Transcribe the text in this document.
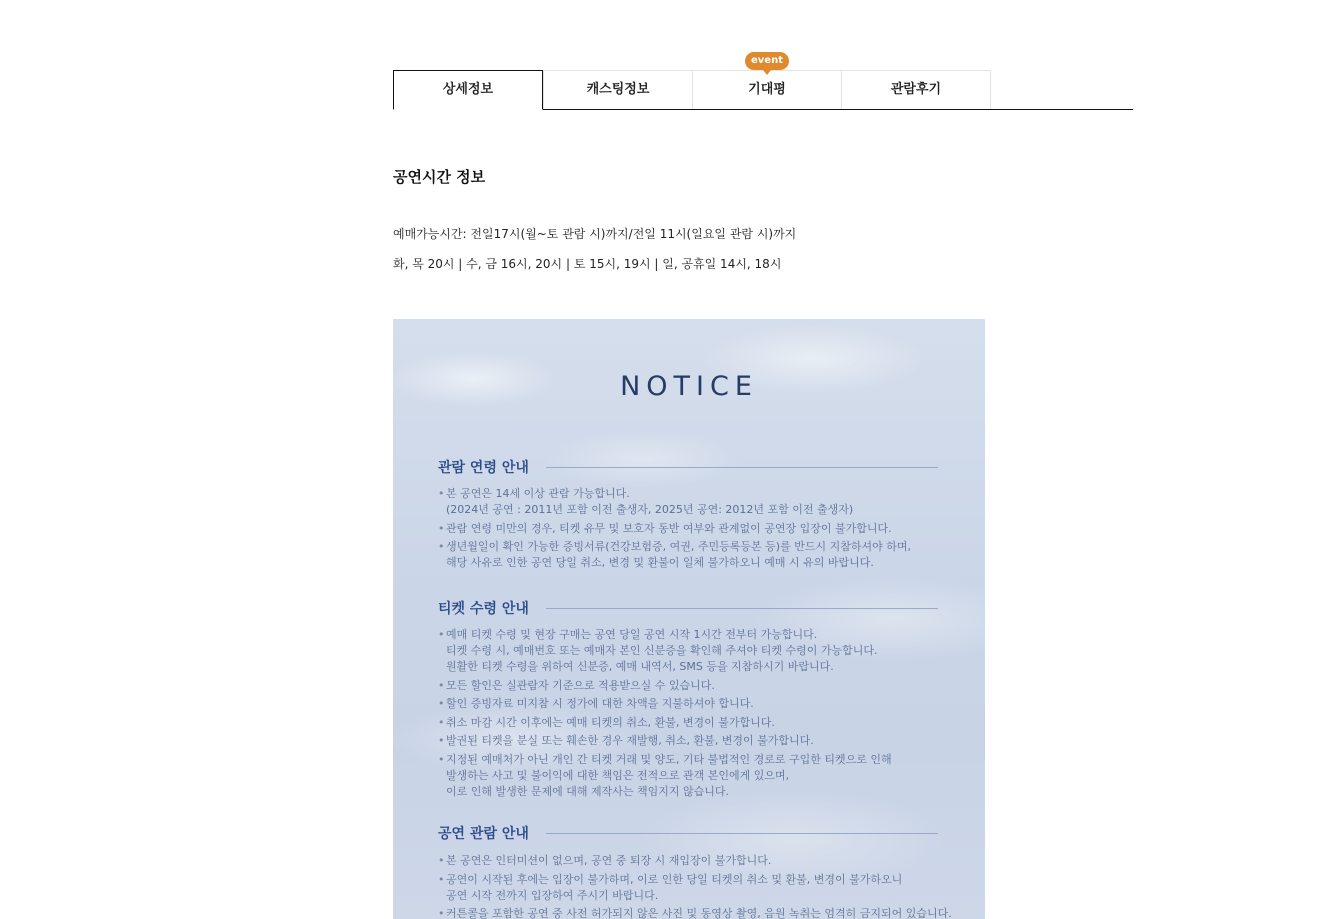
event
상세정보	캐스팅정보	기대평	관람후기
공연시간 정보
예매가능시간: 전일17시(월~토 관람 시)까지/전일 11시(일요일 관람 시)까지
화, 목 20시 | 수, 금 16시, 20시 | 토 15시, 19시 | 일, 공휴일 14시, 18시
NOTICE
관람 연령 안내
• 본 공연은 14세 이상 관람 가능합니다.
(2024년 공연 : 2011년 포함 이전 출생자, 2025년 공연: 2012년 포함 이전 출생자)
• 관람 연령 미만의 경우, 티켓 유무 및 보호자 동반 여부와 관계없이 공연장 입장이 불가합니다.
• 생년월일이 확인 가능한 증빙서류(건강보험증, 여권, 주민등록등본 등)를 반드시 지참하셔야 하며,
해당 사유로 인한 공연 당일 취소, 변경 및 환불이 일체 불가하오니 예매 시 유의 바랍니다.
티켓 수령 안내
• 예매 티켓 수령 및 현장 구매는 공연 당일 공연 시작 1시간 전부터 가능합니다.
티켓 수령 시, 예매번호 또는 예매자 본인 신분증을 확인해 주셔야 티켓 수령이 가능합니다.
원활한 티켓 수령을 위하여 신분증, 예매 내역서, SMS 등을 지참하시기 바랍니다.
• 모든 할인은 실관람자 기준으로 적용받으실 수 있습니다.
• 할인 증빙자료 미지참 시 정가에 대한 차액을 지불하셔야 합니다.
• 취소 마감 시간 이후에는 예매 티켓의 취소, 환불, 변경이 불가합니다.
• 발권된 티켓을 분실 또는 훼손한 경우 재발행, 취소, 환불, 변경이 불가합니다.
• 지정된 예매처가 아닌 개인 간 티켓 거래 및 양도, 기타 불법적인 경로로 구입한 티켓으로 인해
발생하는 사고 및 불이익에 대한 책임은 전적으로 관객 본인에게 있으며,
이로 인해 발생한 문제에 대해 제작사는 책임지지 않습니다.
공연 관람 안내
• 본 공연은 인터미션이 없으며, 공연 중 퇴장 시 재입장이 불가합니다.
• 공연이 시작된 후에는 입장이 불가하며, 이로 인한 당일 티켓의 취소 및 환불, 변경이 불가하오니
공연 시작 전까지 입장하여 주시기 바랍니다.
• 커튼콜을 포함한 공연 중 사전 허가되지 않은 사진 및 동영상 촬영, 음원 녹취는 엄격히 금지되어 있습니다.
